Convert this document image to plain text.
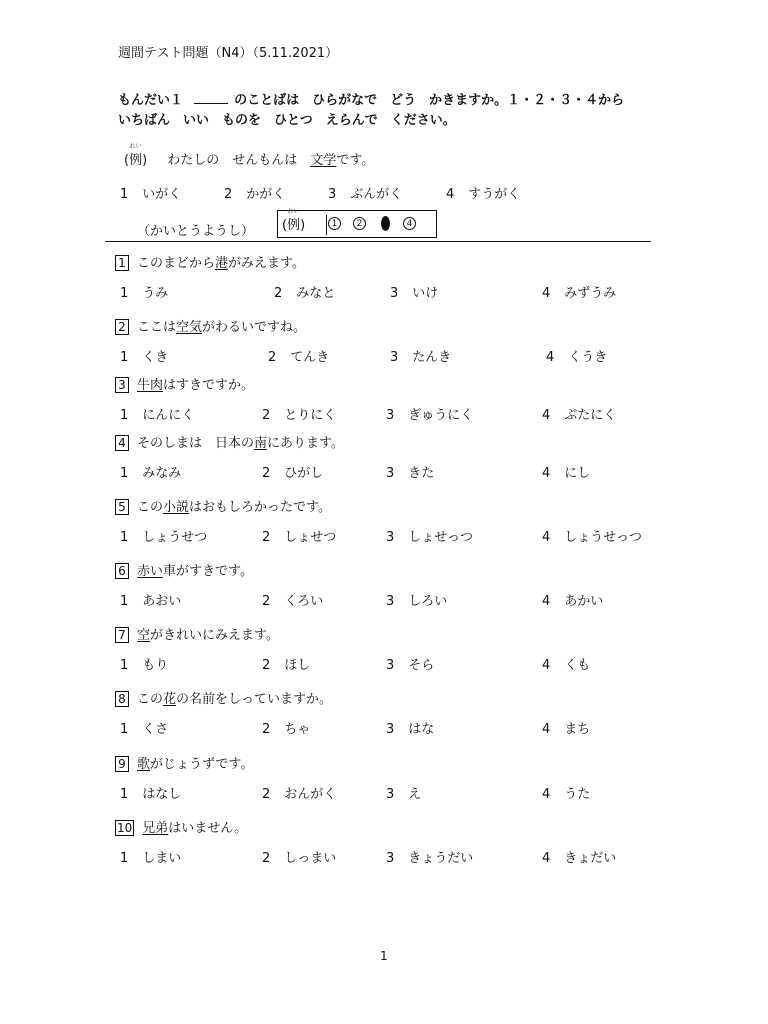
週間テスト問題（N4）（5.11.2021）
もんだい１	のことばは　ひらがなで　どう　かきますか。１・２・３・４から
いちばん　いい　ものを　ひとつ　えらんで　ください。
れい
(例) わたしの　せんもんは　文学です。
1 いがく	2 かがく	3 ぶんがく	4 すうがく
（かいとうようし）
れい
(例)	1	2	4
1 このまどから港がみえます。
1 うみ	2 みなと	3 いけ	4 みずうみ
2 ここは空気がわるいですね。
1 くき	2 てんき	3 たんき	4 くうき
3 牛肉はすきですか。
1 にんにく	2 とりにく	3 ぎゅうにく	4 ぶたにく
4 そのしまは　日本の南にあります。
1 みなみ	2 ひがし	3 きた	4 にし
5 この小説はおもしろかったです。
1 しょうせつ	2 しょせつ	3 しょせっつ	4 しょうせっつ
6 赤い車がすきです。
1 あおい	2 くろい	3 しろい	4 あかい
7 空がきれいにみえます。
1 もり	2 ほし	3 そら	4 くも
8 この花の名前をしっていますか。
1 くさ	2 ちゃ	3 はな	4 まち
9 歌がじょうずです。
1 はなし	2 おんがく	3 え	4 うた
10 兄弟はいません。
1 しまい	2 しっまい	3 きょうだい	4 きょだい
1
